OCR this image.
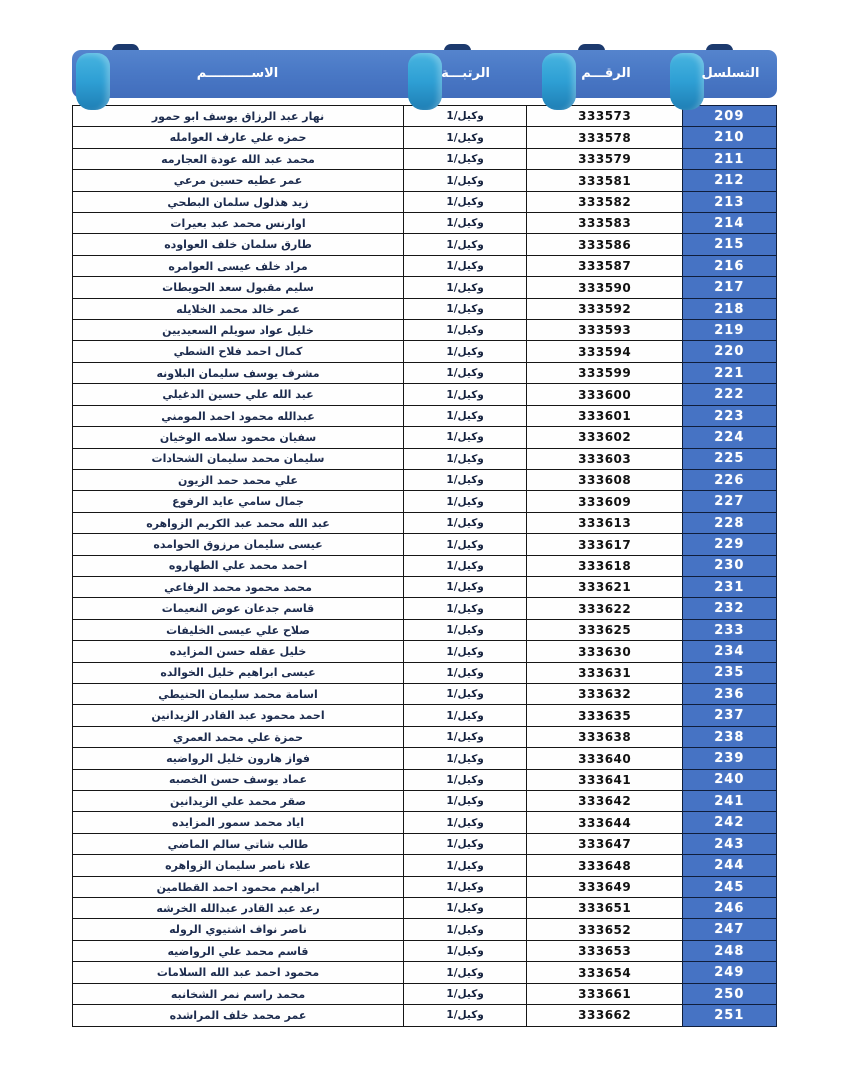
الاســــــــــم	الرتبـــة	الرقـــم	التسلسل
نهار عبد الرزاق يوسف ابو حمور	وكيل/1	333573	209
حمزه علي عارف العوامله	وكيل/1	333578	210
محمد عبد الله عودة العجارمه	وكيل/1	333579	211
عمر عطيه حسين مرعي	وكيل/1	333581	212
زيد هذلول سلمان البطحي	وكيل/1	333582	213
اوارنس محمد عبد بعيرات	وكيل/1	333583	214
طارق سلمان خلف العواوده	وكيل/1	333586	215
مراد خلف عيسى العوامره	وكيل/1	333587	216
سليم مقبول سعد الحويطات	وكيل/1	333590	217
عمر خالد محمد الخلايله	وكيل/1	333592	218
خليل عواد سويلم السعيديين	وكيل/1	333593	219
كمال احمد فلاح الشطي	وكيل/1	333594	220
مشرف يوسف سليمان البلاونه	وكيل/1	333599	221
عبد الله علي حسين الدغيلي	وكيل/1	333600	222
عبدالله محمود احمد المومني	وكيل/1	333601	223
سفيان محمود سلامه الوخيان	وكيل/1	333602	224
سليمان محمد سليمان الشحادات	وكيل/1	333603	225
علي محمد حمد الزيون	وكيل/1	333608	226
جمال سامي عايد الرفوع	وكيل/1	333609	227
عبد الله محمد عبد الكريم الزواهره	وكيل/1	333613	228
عيسى سليمان مرزوق الحوامده	وكيل/1	333617	229
احمد محمد علي الطهاروه	وكيل/1	333618	230
محمد محمود محمد الرفاعي	وكيل/1	333621	231
قاسم جدعان عوض النعيمات	وكيل/1	333622	232
صلاح علي عيسى الخليفات	وكيل/1	333625	233
خليل عقله حسن المزايده	وكيل/1	333630	234
عيسى ابراهيم خليل الخوالده	وكيل/1	333631	235
اسامة محمد سليمان الحنيطي	وكيل/1	333632	236
احمد محمود عبد القادر الزيدانين	وكيل/1	333635	237
حمزة علي محمد العمري	وكيل/1	333638	238
فواز هارون خليل الرواضيه	وكيل/1	333640	239
عماد يوسف حسن الخصبه	وكيل/1	333641	240
صقر محمد علي الزيدانين	وكيل/1	333642	241
اياد محمد سمور المزايده	وكيل/1	333644	242
طالب شاتي سالم الماضي	وكيل/1	333647	243
علاء ناصر سليمان الزواهره	وكيل/1	333648	244
ابراهيم محمود احمد القطامين	وكيل/1	333649	245
رعد عبد القادر عبدالله الخرشه	وكيل/1	333651	246
ناصر نواف اشتيوي الروله	وكيل/1	333652	247
قاسم محمد علي الرواضيه	وكيل/1	333653	248
محمود احمد عبد الله السلامات	وكيل/1	333654	249
محمد راسم نمر الشخانبه	وكيل/1	333661	250
عمر محمد خلف المراشده	وكيل/1	333662	251
